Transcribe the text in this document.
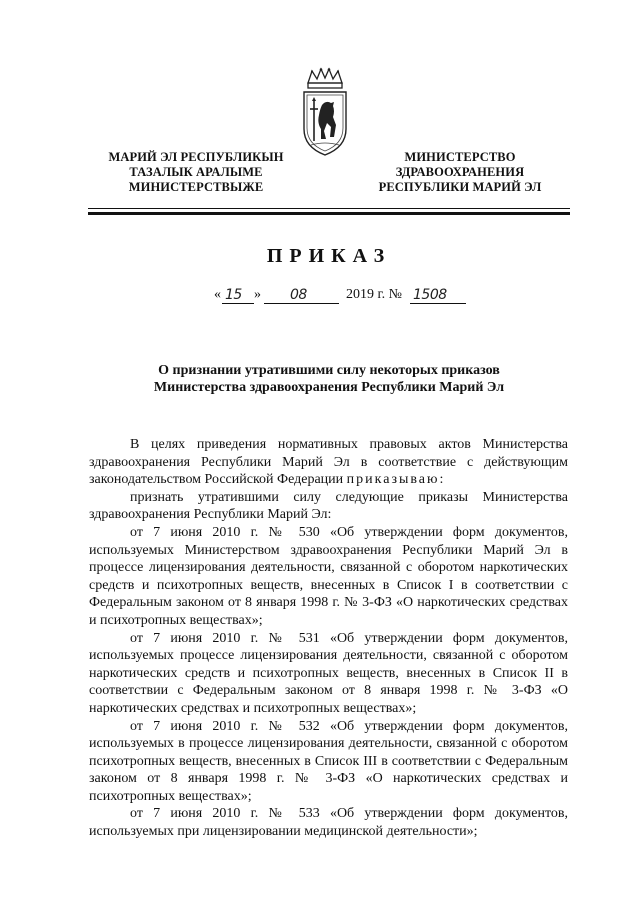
МАРИЙ ЭЛ РЕСПУБЛИКЫН
ТАЗАЛЫК АРАЛЫМЕ
МИНИСТЕРСТВЫЖЕ
МИНИСТЕРСТВО
ЗДРАВООХРАНЕНИЯ
РЕСПУБЛИКИ МАРИЙ ЭЛ
ПРИКАЗ
« 15 » 08	2019 г. № 1508
О признании утратившими силу некоторых приказов
Министерства здравоохранения Республики Марий Эл

В целях приведения нормативных правовых актов Министерства здравоохранения Республики Марий Эл в соответствие с действующим законодательством Российской Федерации приказываю:

признать утратившими силу следующие приказы Министерства здравоохранения Республики Марий Эл:

от 7 июня 2010 г. № 530 «Об утверждении форм документов, используемых Министерством здравоохранения Республики Марий Эл в процессе лицензирования деятельности, связанной с оборотом наркотических средств и психотропных веществ, внесенных в Список I в соответствии с Федеральным законом от 8 января 1998 г. № 3-ФЗ «О наркотических средствах и психотропных веществах»;

от 7 июня 2010 г. № 531 «Об утверждении форм документов, используемых процессе лицензирования деятельности, связанной с оборотом наркотических средств и психотропных веществ, внесенных в Список II в соответствии с Федеральным законом от 8 января 1998 г. № 3-ФЗ «О наркотических средствах и психотропных веществах»;

от 7 июня 2010 г. № 532 «Об утверждении форм документов, используемых в процессе лицензирования деятельности, связанной с оборотом психотропных веществ, внесенных в Список III в соответствии с Федеральным законом от 8 января 1998 г. № 3-ФЗ «О наркотических средствах и психотропных веществах»;

от 7 июня 2010 г. № 533 «Об утверждении форм документов, используемых при лицензировании медицинской деятельности»;
